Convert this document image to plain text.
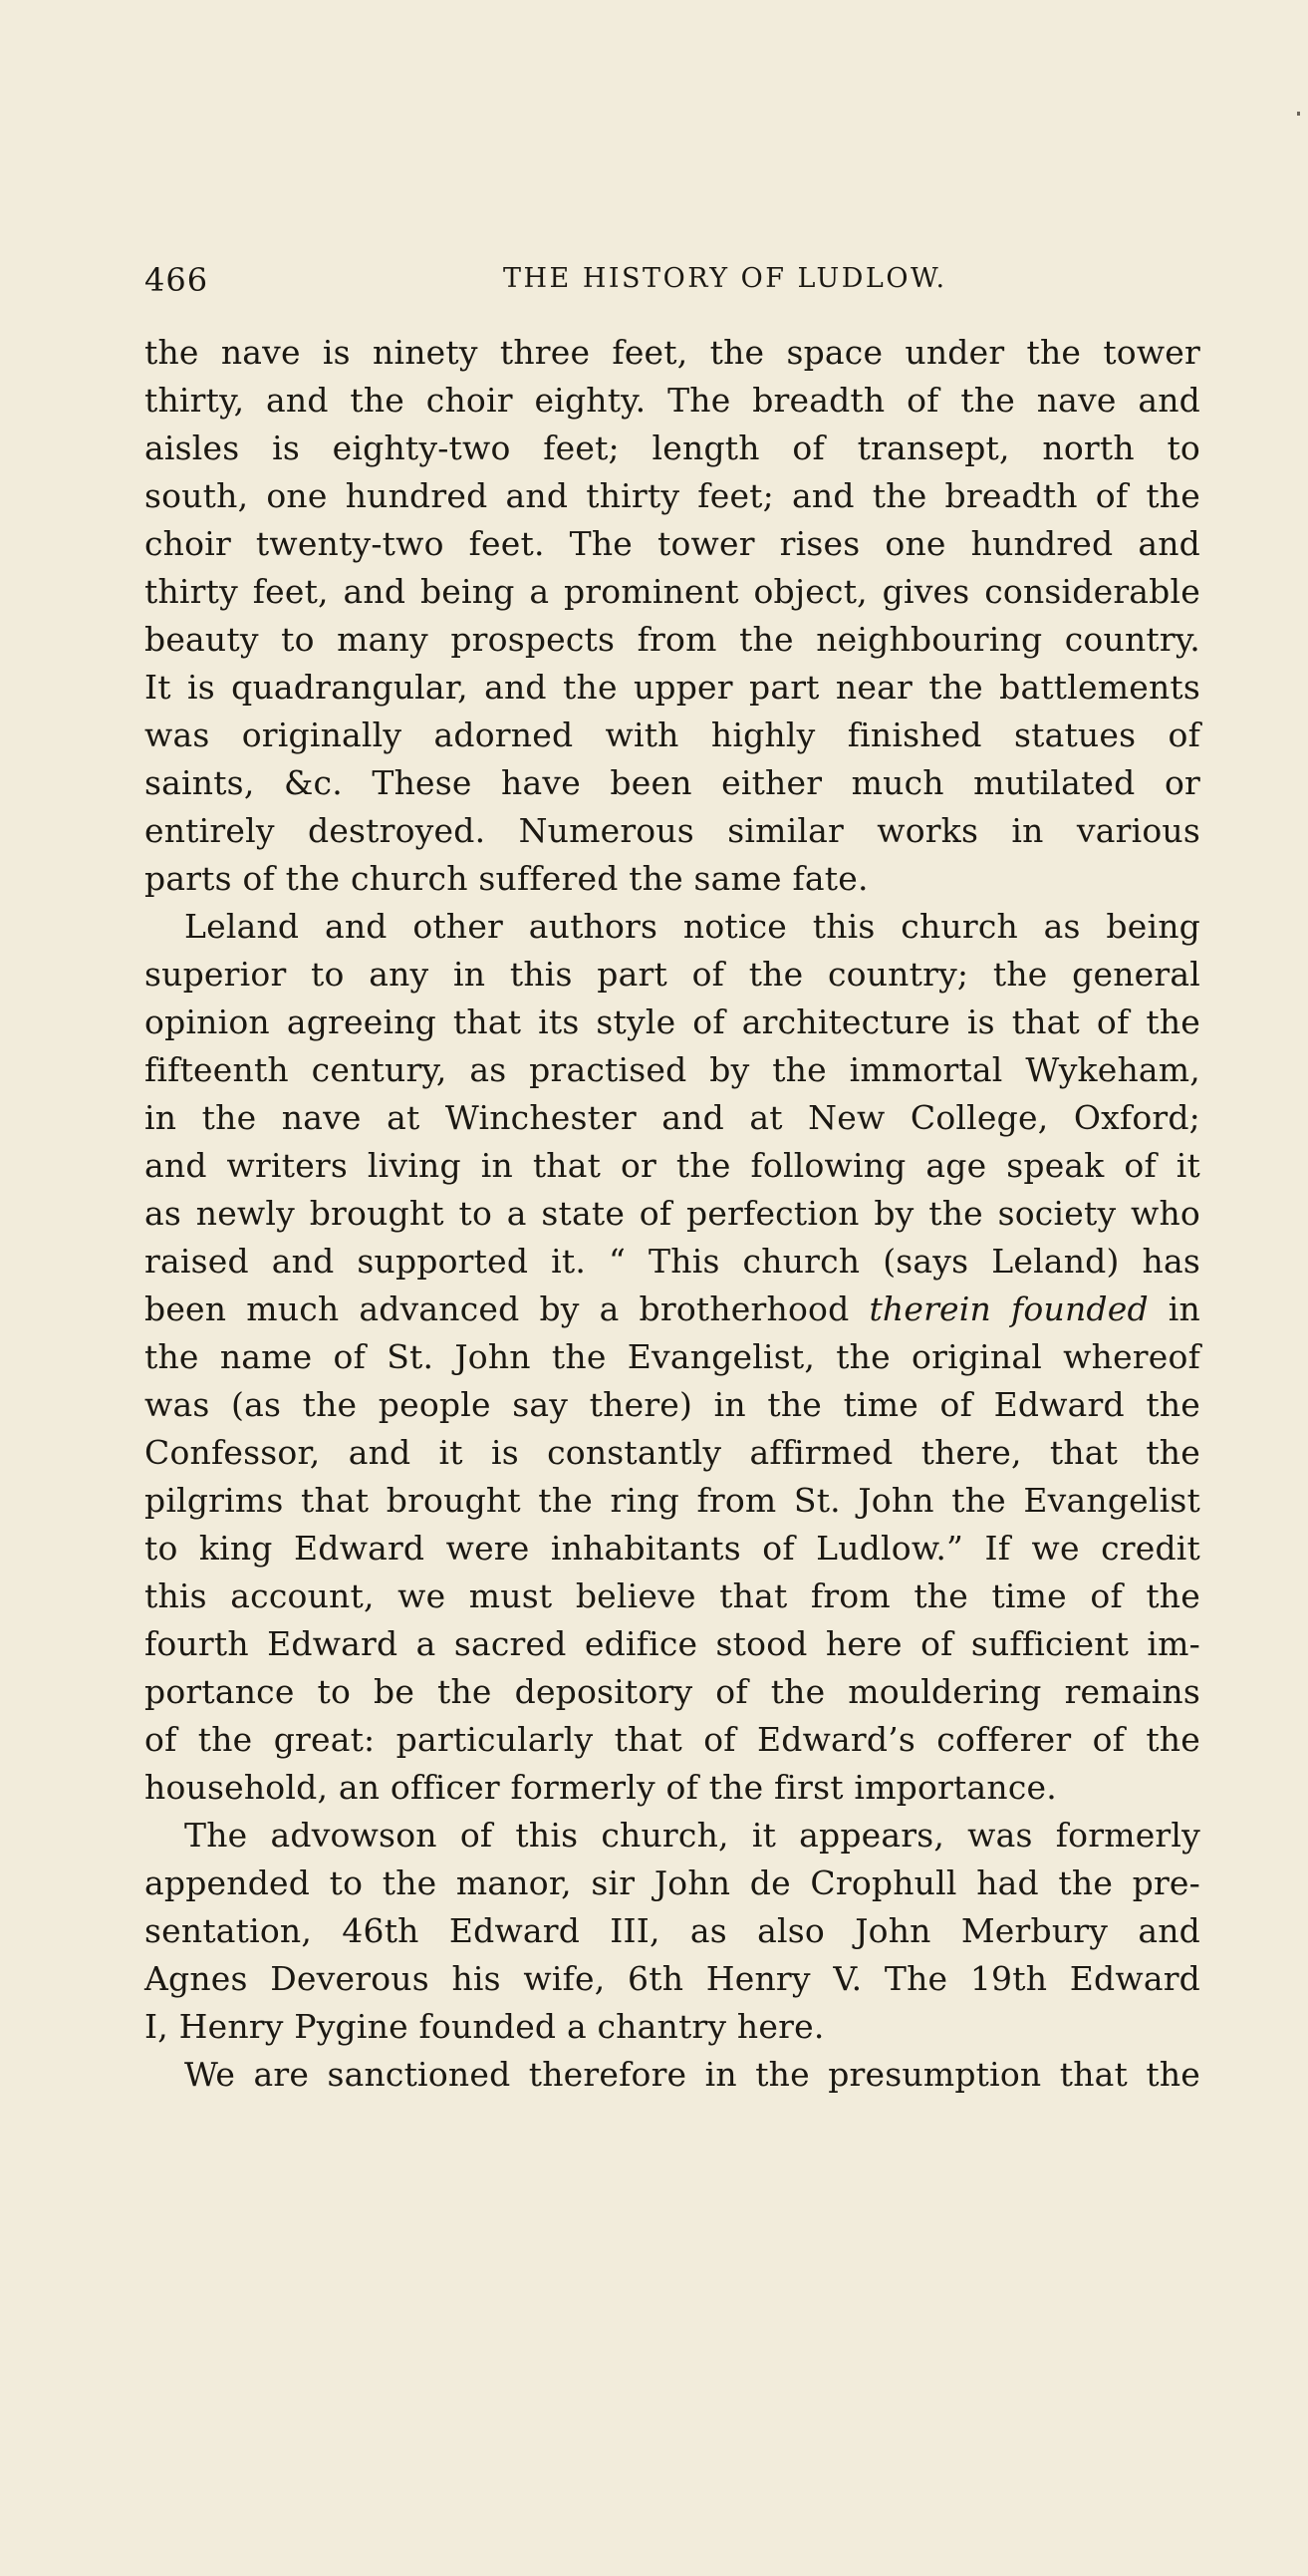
466	THE HISTORY OF LUDLOW.
the nave is ninety three feet, the space under the tower
thirty, and the choir eighty. The breadth of the nave and
aisles is eighty-two feet; length of transept, north to
south, one hundred and thirty feet; and the breadth of the
choir twenty-two feet. The tower rises one hundred and
thirty feet, and being a prominent object, gives considerable
beauty to many prospects from the neighbouring country.
It is quadrangular, and the upper part near the battlements
was originally adorned with highly finished statues of
saints, &c. These have been either much mutilated or
entirely destroyed. Numerous similar works in various
parts of the church suffered the same fate.
Leland and other authors notice this church as being
superior to any in this part of the country; the general
opinion agreeing that its style of architecture is that of the
fifteenth century, as practised by the immortal Wykeham,
in the nave at Winchester and at New College, Oxford;
and writers living in that or the following age speak of it
as newly brought to a state of perfection by the society who
raised and supported it. “ This church (says Leland) has
been much advanced by a brotherhood therein founded in
the name of St. John the Evangelist, the original whereof
was (as the people say there) in the time of Edward the
Confessor, and it is constantly affirmed there, that the
pilgrims that brought the ring from St. John the Evangelist
to king Edward were inhabitants of Ludlow.” If we credit
this account, we must believe that from the time of the
fourth Edward a sacred edifice stood here of sufficient im-
portance to be the depository of the mouldering remains
of the great: particularly that of Edward’s cofferer of the
household, an officer formerly of the first importance.
The advowson of this church, it appears, was formerly
appended to the manor, sir John de Crophull had the pre-
sentation, 46th Edward III, as also John Merbury and
Agnes Deverous his wife, 6th Henry V. The 19th Edward
I, Henry Pygine founded a chantry here.
We are sanctioned therefore in the presumption that the
